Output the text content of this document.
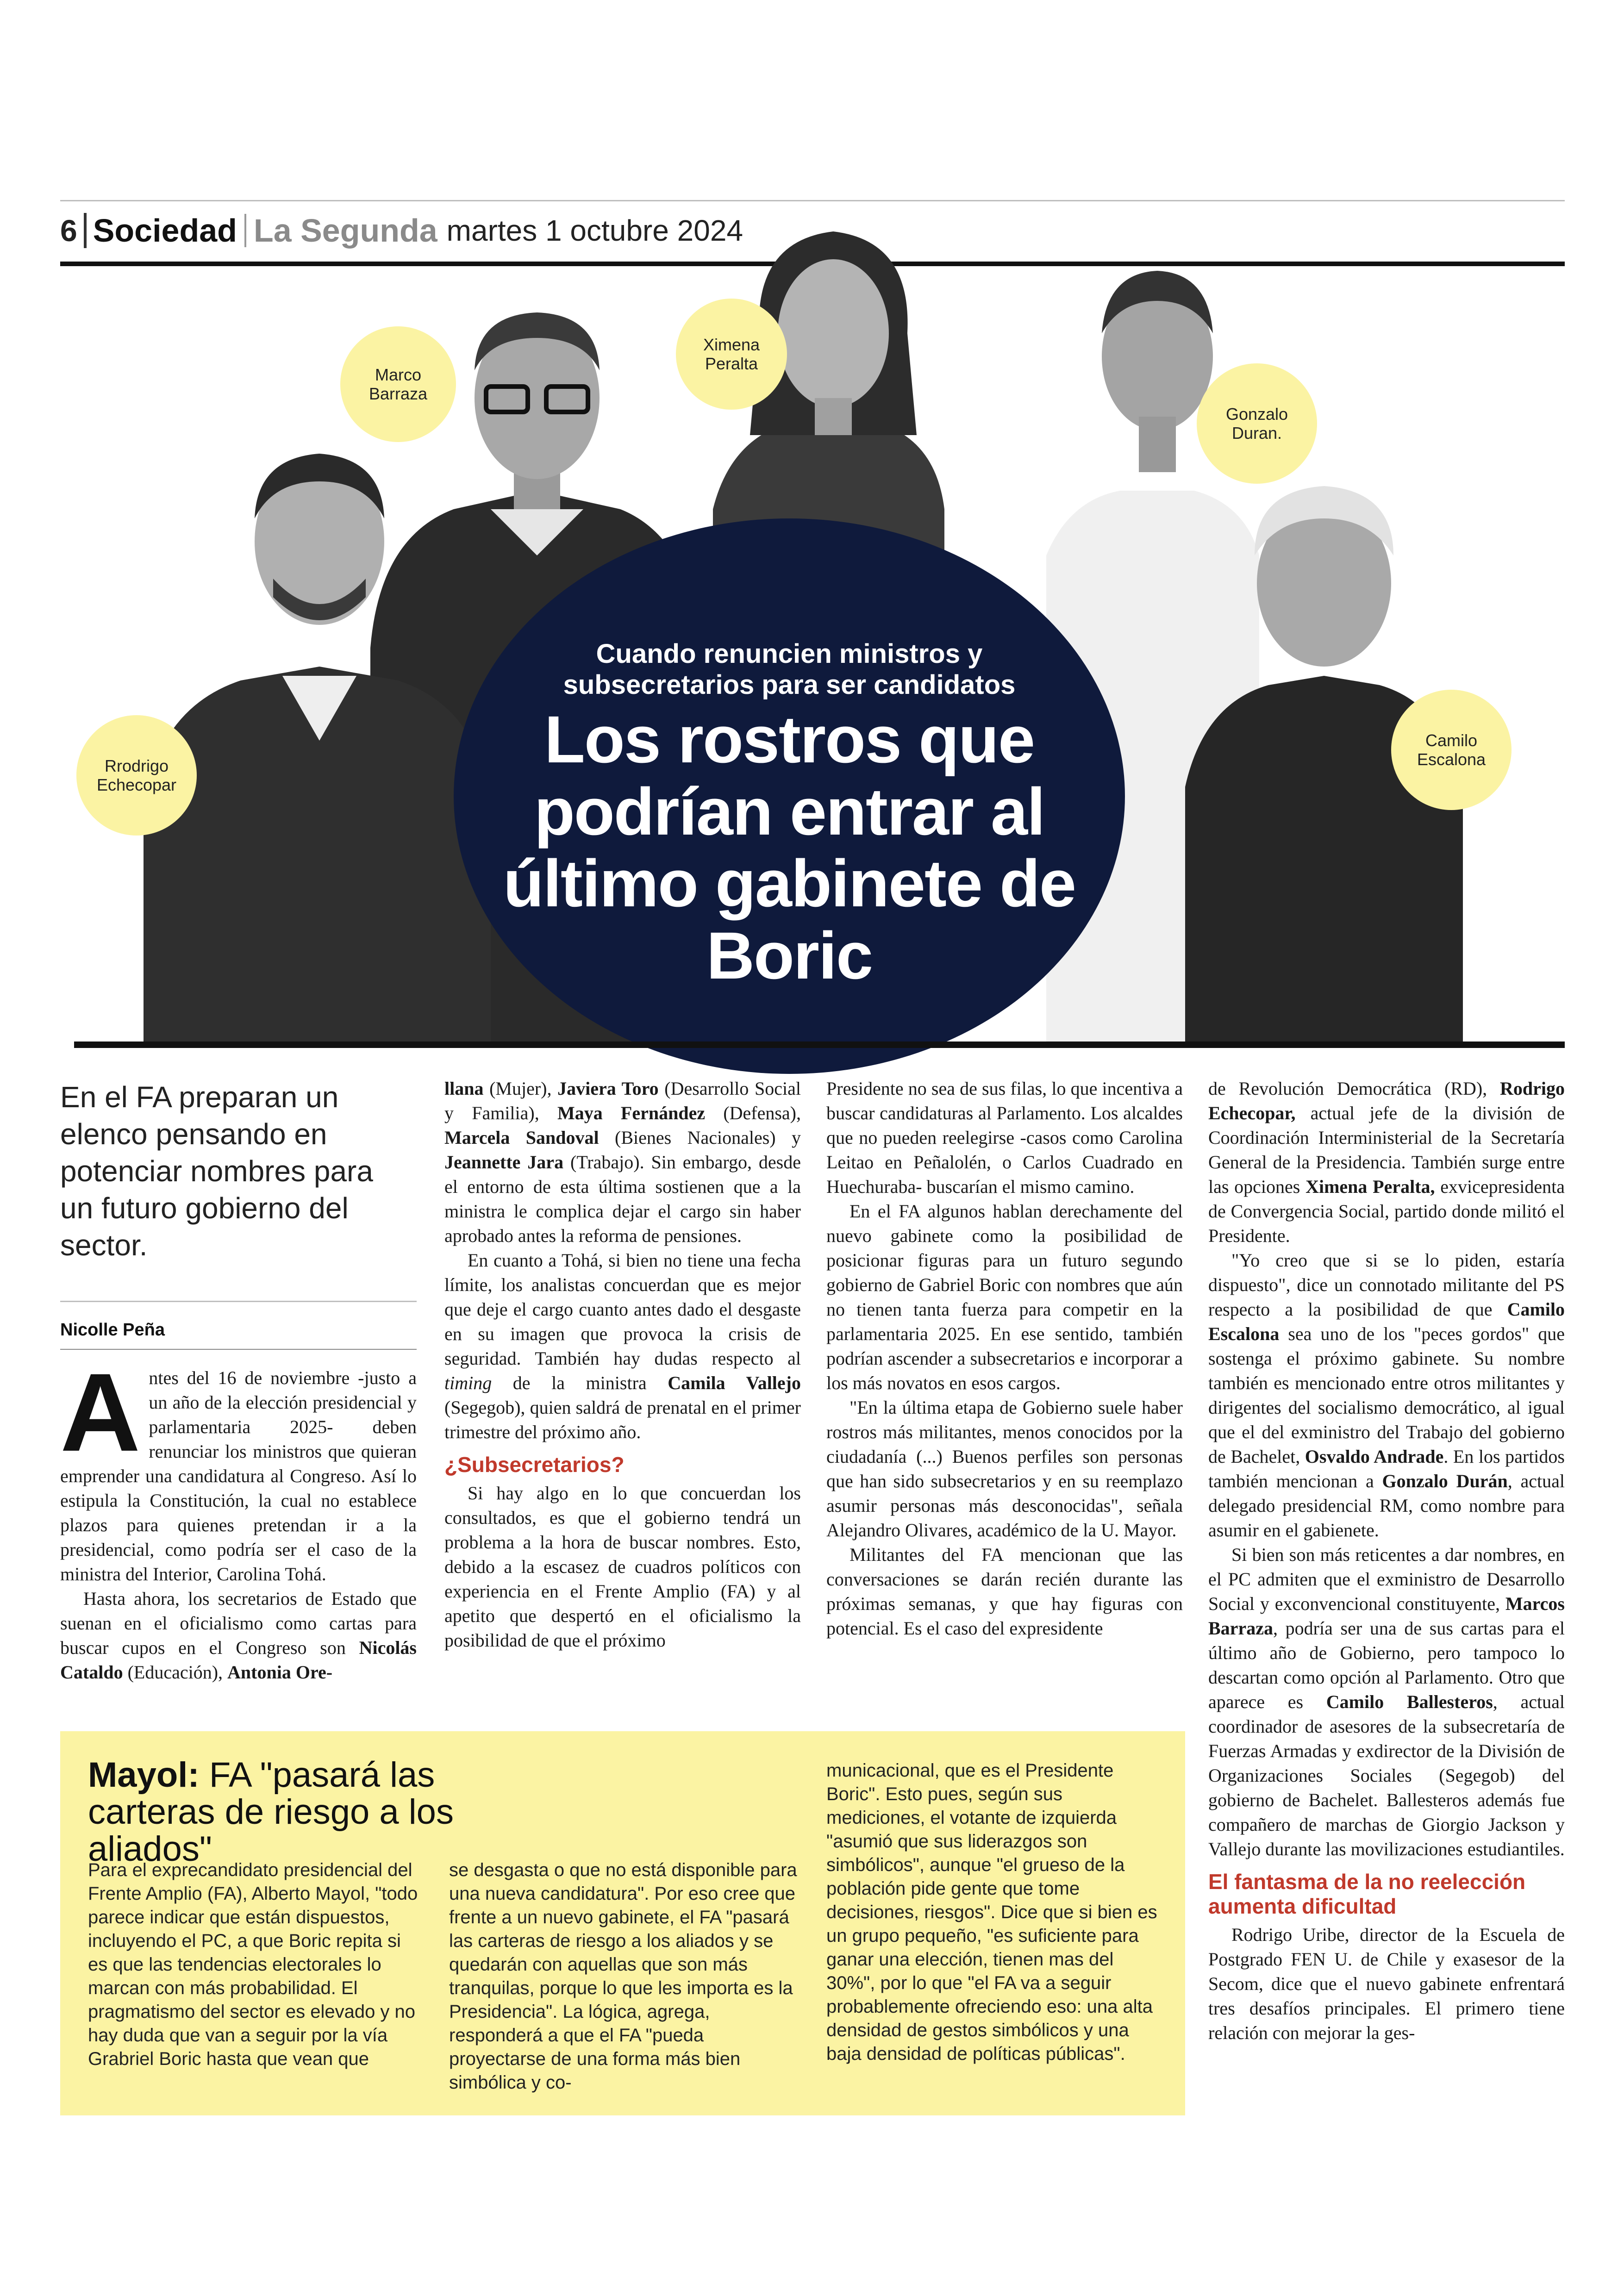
6 Sociedad La Segunda martes 1 octubre 2024
Marco
Barraza
Ximena
Peralta
Gonzalo
Duran.
Rrodrigo
Echecopar
Camilo
Escalona
Cuando renuncien ministros y subsecretarios para ser candidatos
Los rostros que podrían entrar al último gabinete de Boric
En el FA preparan un elenco pensando en potenciar nombres para un futuro gobierno del sector.
Nicolle Peña
A ntes del 16 de noviembre -justo a un año de la elección presidencial y parlamentaria 2025- deben renunciar los ministros que quieran emprender una candidatura al Congreso. Así lo estipula la Constitución, la cual no establece plazos para quienes pretendan ir a la presidencial, como podría ser el caso de la ministra del Interior, Carolina Tohá.

Hasta ahora, los secretarios de Estado que suenan en el oficialismo como cartas para buscar cupos en el Congreso son Nicolás Cataldo (Educación), Antonia Ore-

llana (Mujer), Javiera Toro (Desarrollo Social y Familia), Maya Fernández (Defensa), Marcela Sandoval (Bienes Nacionales) y Jeannette Jara (Trabajo). Sin embargo, desde el entorno de esta última sostienen que a la ministra le complica dejar el cargo sin haber aprobado antes la reforma de pensiones.

En cuanto a Tohá, si bien no tiene una fecha límite, los analistas concuerdan que es mejor que deje el cargo cuanto antes dado el desgaste en su imagen que provoca la crisis de seguridad. También hay dudas respecto al timing de la ministra Camila Vallejo (Segegob), quien saldrá de prenatal en el primer trimestre del próximo año.

¿Subsecretarios?

Si hay algo en lo que concuerdan los consultados, es que el gobierno tendrá un problema a la hora de buscar nombres. Esto, debido a la escasez de cuadros políticos con experiencia en el Frente Amplio (FA) y al apetito que despertó en el oficialismo la posibilidad de que el próximo

Presidente no sea de sus filas, lo que incentiva a buscar candidaturas al Parlamento. Los alcaldes que no pueden reelegirse -casos como Carolina Leitao en Peñalolén, o Carlos Cuadrado en Huechuraba- buscarían el mismo camino.

En el FA algunos hablan derechamente del nuevo gabinete como la posibilidad de posicionar figuras para un futuro segundo gobierno de Gabriel Boric con nombres que aún no tienen tanta fuerza para competir en la parlamentaria 2025. En ese sentido, también podrían ascender a subsecretarios e incorporar a los más novatos en esos cargos.

"En la última etapa de Gobierno suele haber rostros más militantes, menos conocidos por la ciudadanía (...) Buenos perfiles son personas que han sido subsecretarios y en su reemplazo asumir personas más desconocidas", señala Alejandro Olivares, académico de la U. Mayor.

Militantes del FA mencionan que las conversaciones se darán recién durante las próximas semanas, y que hay figuras con potencial. Es el caso del expresidente

de Revolución Democrática (RD), Rodrigo Echecopar, actual jefe de la división de Coordinación Interministerial de la Secretaría General de la Presidencia. También surge entre las opciones Ximena Peralta, exvicepresidenta de Convergencia Social, partido donde militó el Presidente.

"Yo creo que si se lo piden, estaría dispuesto", dice un connotado militante del PS respecto a la posibilidad de que Camilo Escalona sea uno de los "peces gordos" que sostenga el próximo gabinete. Su nombre también es mencionado entre otros militantes y dirigentes del socialismo democrático, al igual que el del exministro del Trabajo del gobierno de Bachelet, Osvaldo Andrade. En los partidos también mencionan a Gonzalo Durán, actual delegado presidencial RM, como nombre para asumir en el gabienete.

Si bien son más reticentes a dar nombres, en el PC admiten que el exministro de Desarrollo Social y exconvencional constituyente, Marcos Barraza, podría ser una de sus cartas para el último año de Gobierno, pero tampoco lo descartan como opción al Parlamento. Otro que aparece es Camilo Ballesteros, actual coordinador de asesores de la subsecretaría de Fuerzas Armadas y exdirector de la División de Organizaciones Sociales (Segegob) del gobierno de Bachelet. Ballesteros además fue compañero de marchas de Giorgio Jackson y Vallejo durante las movilizaciones estudiantiles.

El fantasma de la no reelección aumenta dificultad

Rodrigo Uribe, director de la Escuela de Postgrado FEN U. de Chile y exasesor de la Secom, dice que el nuevo gabinete enfrentará tres desafíos principales. El primero tiene relación con mejorar la ges-

Mayol: FA "pasará las carteras de riesgo a los aliados"

Para el exprecandidato presidencial del Frente Amplio (FA), Alberto Mayol, "todo parece indicar que están dispuestos, incluyendo el PC, a que Boric repita si es que las tendencias electorales lo marcan con más probabilidad. El pragmatismo del sector es elevado y no hay duda que van a seguir por la vía Grabriel Boric hasta que vean que

se desgasta o que no está disponible para una nueva candidatura". Por eso cree que frente a un nuevo gabinete, el FA "pasará las carteras de riesgo a los aliados y se quedarán con aquellas que son más tranquilas, porque lo que les importa es la Presidencia". La lógica, agrega, responderá a que el FA "pueda proyectarse de una forma más bien simbólica y co-

municacional, que es el Presidente Boric". Esto pues, según sus mediciones, el votante de izquierda "asumió que sus liderazgos son simbólicos", aunque "el grueso de la población pide gente que tome decisiones, riesgos". Dice que si bien es un grupo pequeño, "es suficiente para ganar una elección, tienen mas del 30%", por lo que "el FA va a seguir probablemente ofreciendo eso: una alta densidad de gestos simbólicos y una baja densidad de políticas públicas".
